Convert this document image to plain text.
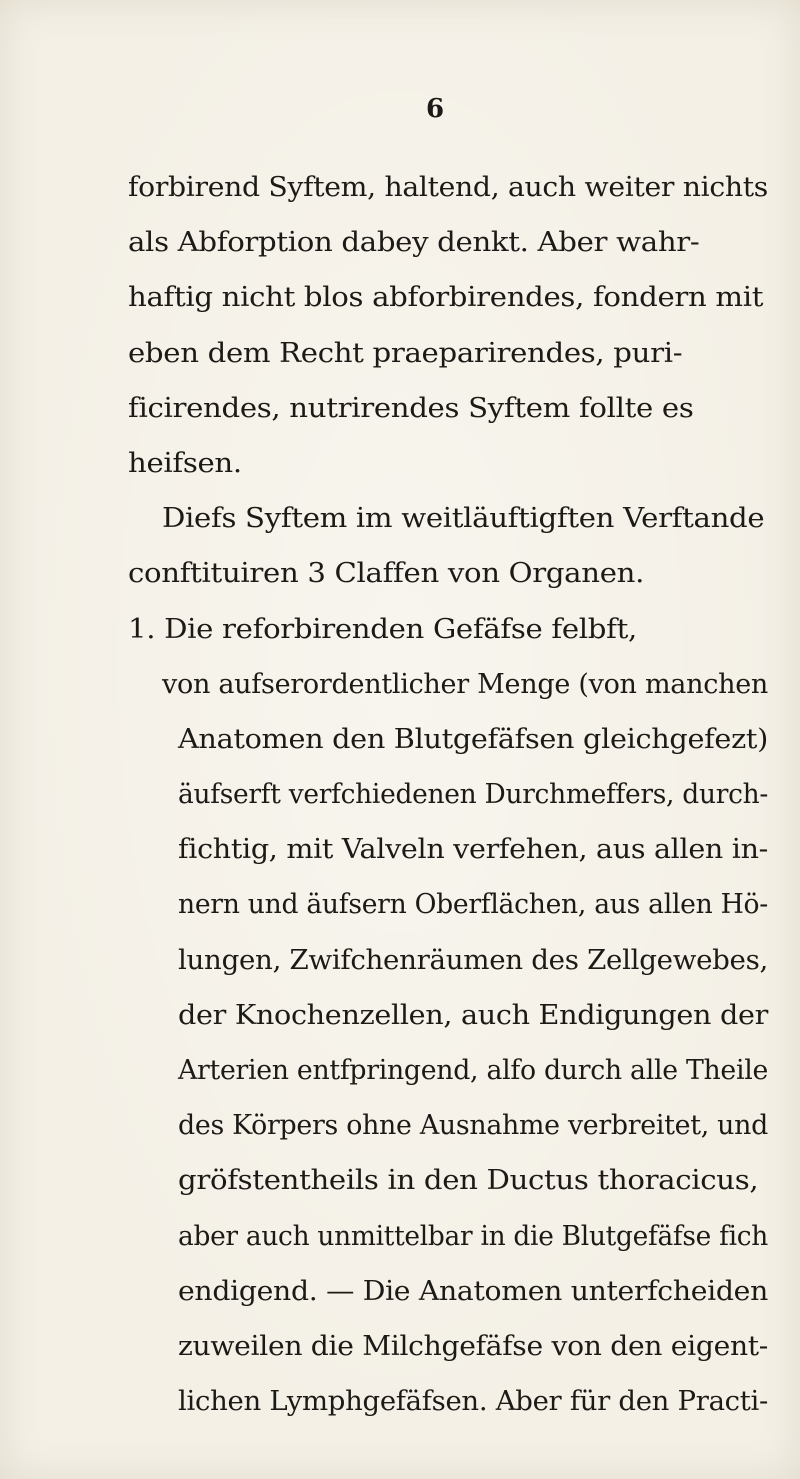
6
forbirend Syftem, haltend, auch weiter nichts
als Abforption dabey denkt. Aber wahr-
haftig nicht blos abforbirendes, fondern mit
eben dem Recht praeparirendes, puri-
ficirendes, nutrirendes Syftem follte es
heifsen.
Diefs Syftem im weitläuftigften Verftande
conftituiren 3 Claffen von Organen.
1. Die reforbirenden Gefäfse felbft,
von aufserordentlicher Menge (von manchen
Anatomen den Blutgefäfsen gleichgefezt)
äufserft verfchiedenen Durchmeffers, durch-
fichtig, mit Valveln verfehen, aus allen in-
nern und äufsern Oberflächen, aus allen Hö-
lungen, Zwifchenräumen des Zellgewebes,
der Knochenzellen, auch Endigungen der
Arterien entfpringend, alfo durch alle Theile
des Körpers ohne Ausnahme verbreitet, und
gröfstentheils in den Ductus thoracicus,
aber auch unmittelbar in die Blutgefäfse fich
endigend. — Die Anatomen unterfcheiden
zuweilen die Milchgefäfse von den eigent-
lichen Lymphgefäfsen. Aber für den Practi-
